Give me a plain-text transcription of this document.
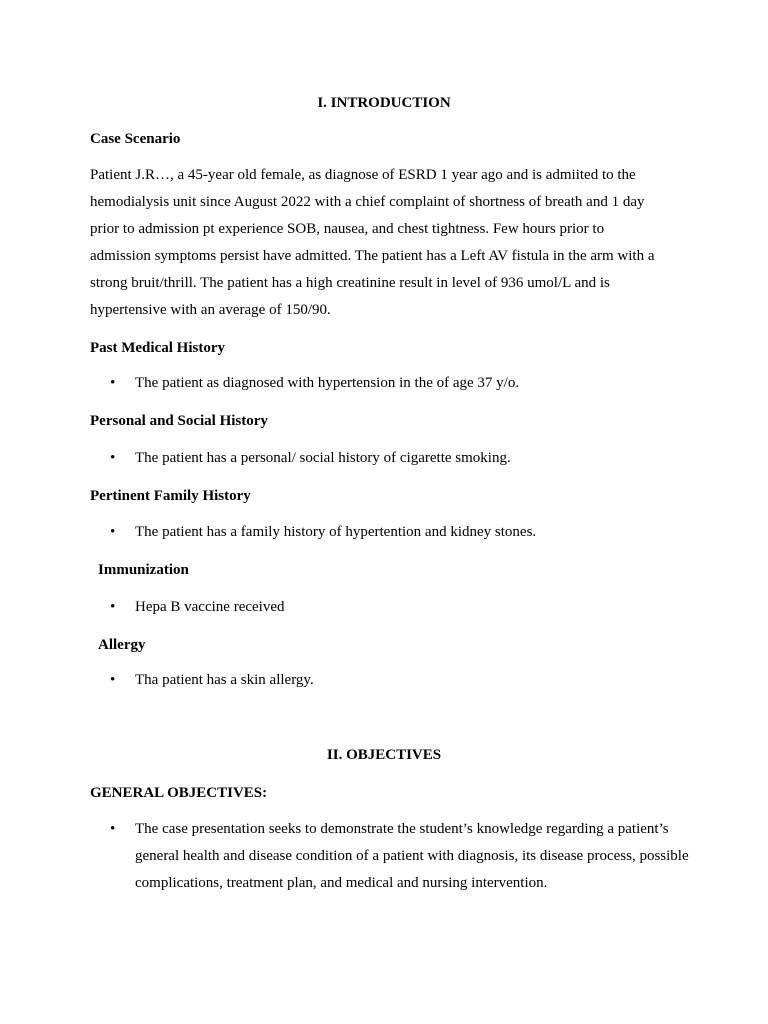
I. INTRODUCTION
Case Scenario
Patient J.R…, a 45-year old female, as diagnose of ESRD 1 year ago and is admiited to the
hemodialysis unit since August 2022 with a chief complaint of shortness of breath and 1 day
prior to admission pt experience SOB, nausea, and chest tightness. Few hours prior to
admission symptoms persist have admitted. The patient has a Left AV fistula in the arm with a
strong bruit/thrill. The patient has a high creatinine result in level of 936 umol/L and is
hypertensive with an average of 150/90.
Past Medical History
•	The patient as diagnosed with hypertension in the of age 37 y/o.
Personal and Social History
•	The patient has a personal/ social history of cigarette smoking.
Pertinent Family History
•	The patient has a family history of hypertention and kidney stones.
Immunization
•	Hepa B vaccine received
Allergy
•	Tha patient has a skin allergy.
II. OBJECTIVES
GENERAL OBJECTIVES:
•	The case presentation seeks to demonstrate the student’s knowledge regarding a patient’s general health and disease condition of a patient with diagnosis, its disease process, possible complications, treatment plan, and medical and nursing intervention.
